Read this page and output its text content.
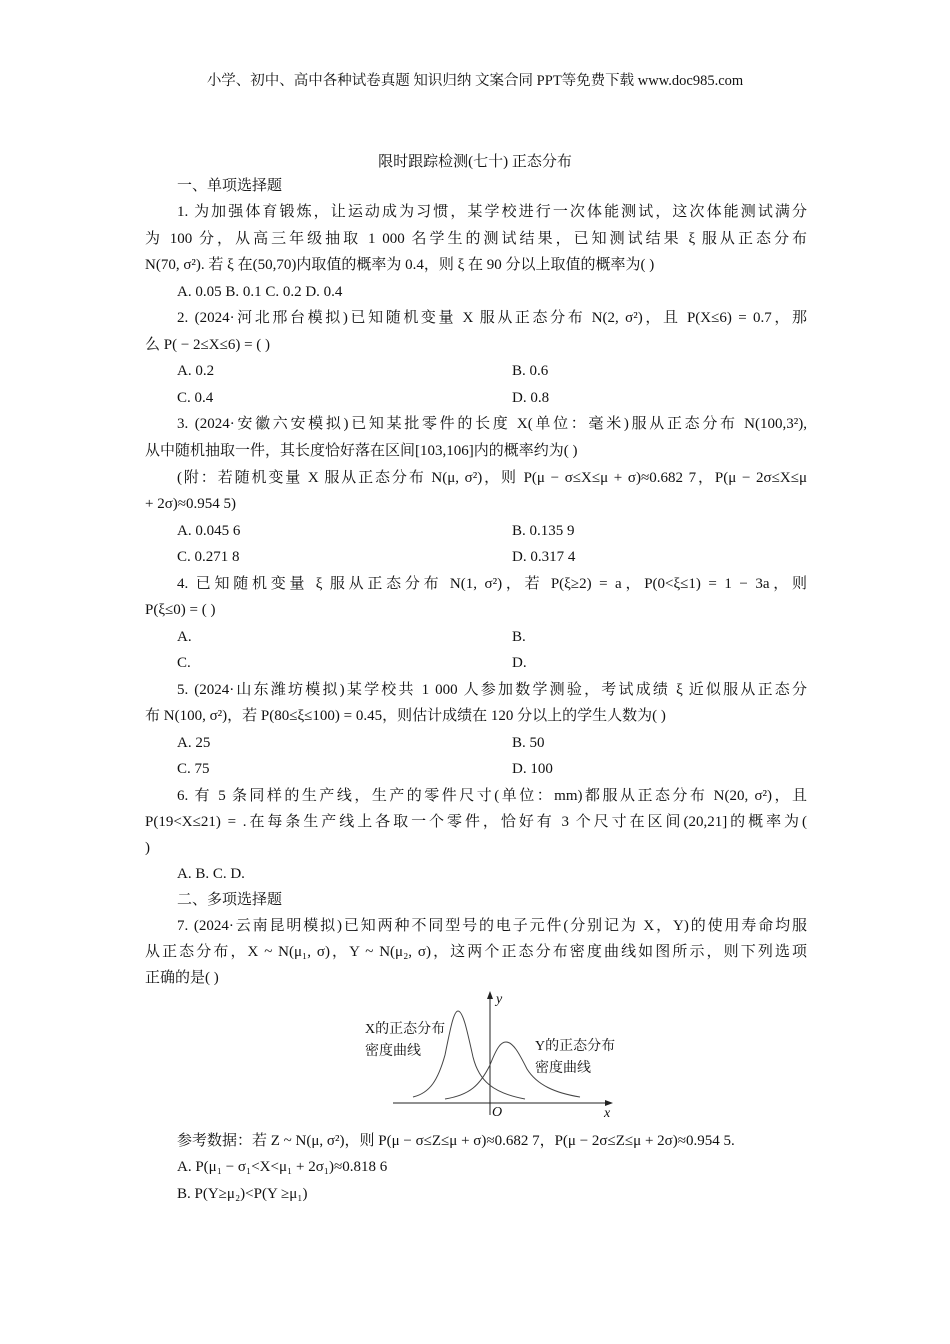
小学、初中、高中各种试卷真题 知识归纳 文案合同 PPT等免费下载 www.doc985.com
限时跟踪检测(七十) 正态分布
一、单项选择题
1. 为加强体育锻炼，让运动成为习惯，某学校进行一次体能测试，这次体能测试满分
为 100 分，从高三年级抽取 1 000 名学生的测试结果，已知测试结果 ξ 服从正态分布
N(70, σ²). 若 ξ 在(50,70)内取值的概率为 0.4，则 ξ 在 90 分以上取值的概率为( )
A. 0.05 B. 0.1 C. 0.2 D. 0.4
2. (2024·河北邢台模拟)已知随机变量 X 服从正态分布 N(2, σ²)，且 P(X≤6) = 0.7，那
么 P( − 2≤X≤6) = ( )
A. 0.2	B. 0.6
C. 0.4	D. 0.8
3. (2024·安徽六安模拟)已知某批零件的长度 X(单位：毫米)服从正态分布 N(100,3²),
从中随机抽取一件，其长度恰好落在区间[103,106]内的概率约为( )
(附：若随机变量 X 服从正态分布 N(μ, σ²)，则 P(μ − σ≤X≤μ + σ)≈0.682 7，P(μ − 2σ≤X≤μ
+ 2σ)≈0.954 5)
A. 0.045 6	B. 0.135 9
C. 0.271 8	D. 0.317 4
4. 已知随机变量 ξ 服从正态分布 N(1, σ²)，若 P(ξ≥2) = a，P(0<ξ≤1) = 1 − 3a，则
P(ξ≤0) = ( )
A.	B.
C.	D.
5. (2024·山东潍坊模拟)某学校共 1 000 人参加数学测验，考试成绩 ξ 近似服从正态分
布 N(100, σ²)，若 P(80≤ξ≤100) = 0.45，则估计成绩在 120 分以上的学生人数为( )
A. 25	B. 50
C. 75	D. 100
6. 有 5 条同样的生产线，生产的零件尺寸(单位：mm)都服从正态分布 N(20, σ²)，且
P(19<X≤21) = .在每条生产线上各取一个零件，恰好有 3 个尺寸在区间(20,21]的概率为(
)
A. B. C. D.
二、多项选择题
7. (2024·云南昆明模拟)已知两种不同型号的电子元件(分别记为 X，Y)的使用寿命均服
从正态分布，X ~ N(μ₁, σ)，Y ~ N(μ₂, σ)，这两个正态分布密度曲线如图所示，则下列选项
正确的是( )
X的正态分布
密度曲线	Y的正态分布
密度曲线
y
x
O
参考数据：若 Z ~ N(μ, σ²)，则 P(μ − σ≤Z≤μ + σ)≈0.682 7，P(μ − 2σ≤Z≤μ + 2σ)≈0.954 5.
A. P(μ₁ − σ₁<X<μ₁ + 2σ₁)≈0.818 6
B. P(Y≥μ₂)<P(Y ≥μ₁)
